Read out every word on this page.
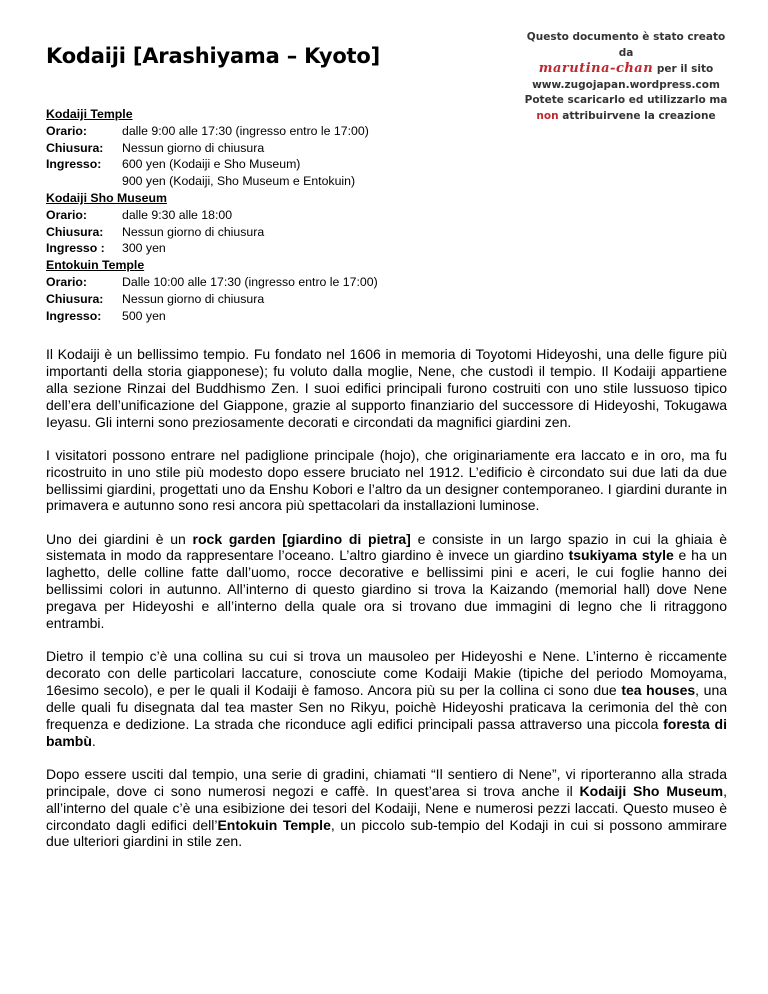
Kodaiji [Arashiyama – Kyoto]
Questo documento è stato creato da
marutina-chan per il sito
www.zugojapan.wordpress.com
Potete scaricarlo ed utilizzarlo ma
non attribuirvene la creazione
Kodaiji Temple
Orario:	dalle 9:00 alle 17:30 (ingresso entro le 17:00)
Chiusura:	Nessun giorno di chiusura
Ingresso:	600 yen (Kodaiji e Sho Museum)
900 yen (Kodaiji, Sho Museum e Entokuin)
Kodaiji Sho Museum
Orario:	dalle 9:30 alle 18:00
Chiusura:	Nessun giorno di chiusura
Ingresso :	300 yen
Entokuin Temple
Orario:	Dalle 10:00 alle 17:30 (ingresso entro le 17:00)
Chiusura:	Nessun giorno di chiusura
Ingresso:	500 yen

Il Kodaiji è un bellissimo tempio. Fu fondato nel 1606 in memoria di Toyotomi Hideyoshi, una delle figure più importanti della storia giapponese); fu voluto dalla moglie, Nene, che custodì il tempio. Il Kodaiji appartiene alla sezione Rinzai del Buddhismo Zen. I suoi edifici principali furono costruiti con uno stile lussuoso tipico dell’era dell’unificazione del Giappone, grazie al supporto finanziario del successore di Hideyoshi, Tokugawa Ieyasu. Gli interni sono preziosamente decorati e circondati da magnifici giardini zen.

I visitatori possono entrare nel padiglione principale (hojo), che originariamente era laccato e in oro, ma fu ricostruito in uno stile più modesto dopo essere bruciato nel 1912. L’edificio è circondato sui due lati da due bellissimi giardini, progettati uno da Enshu Kobori e l’altro da un designer contemporaneo. I giardini durante in primavera e autunno sono resi ancora più spettacolari da installazioni luminose.

Uno dei giardini è un rock garden [giardino di pietra] e consiste in un largo spazio in cui la ghiaia è sistemata in modo da rappresentare l’oceano. L’altro giardino è invece un giardino tsukiyama style e ha un laghetto, delle colline fatte dall’uomo, rocce decorative e bellissimi pini e aceri, le cui foglie hanno dei bellissimi colori in autunno. All’interno di questo giardino si trova la Kaizando (memorial hall) dove Nene pregava per Hideyoshi e all’interno della quale ora si trovano due immagini di legno che li ritraggono entrambi.

Dietro il tempio c’è una collina su cui si trova un mausoleo per Hideyoshi e Nene. L’interno è riccamente decorato con delle particolari laccature, conosciute come Kodaiji Makie (tipiche del periodo Momoyama, 16esimo secolo), e per le quali il Kodaiji è famoso. Ancora più su per la collina ci sono due tea houses, una delle quali fu disegnata dal tea master Sen no Rikyu, poichè Hideyoshi praticava la cerimonia del thè con frequenza e dedizione. La strada che riconduce agli edifici principali passa attraverso una piccola foresta di bambù.

Dopo essere usciti dal tempio, una serie di gradini, chiamati “Il sentiero di Nene”, vi riporteranno alla strada principale, dove ci sono numerosi negozi e caffè. In quest’area si trova anche il Kodaiji Sho Museum, all’interno del quale c’è una esibizione dei tesori del Kodaiji, Nene e numerosi pezzi laccati. Questo museo è circondato dagli edifici dell’Entokuin Temple, un piccolo sub-tempio del Kodaji in cui si possono ammirare due ulteriori giardini in stile zen.
